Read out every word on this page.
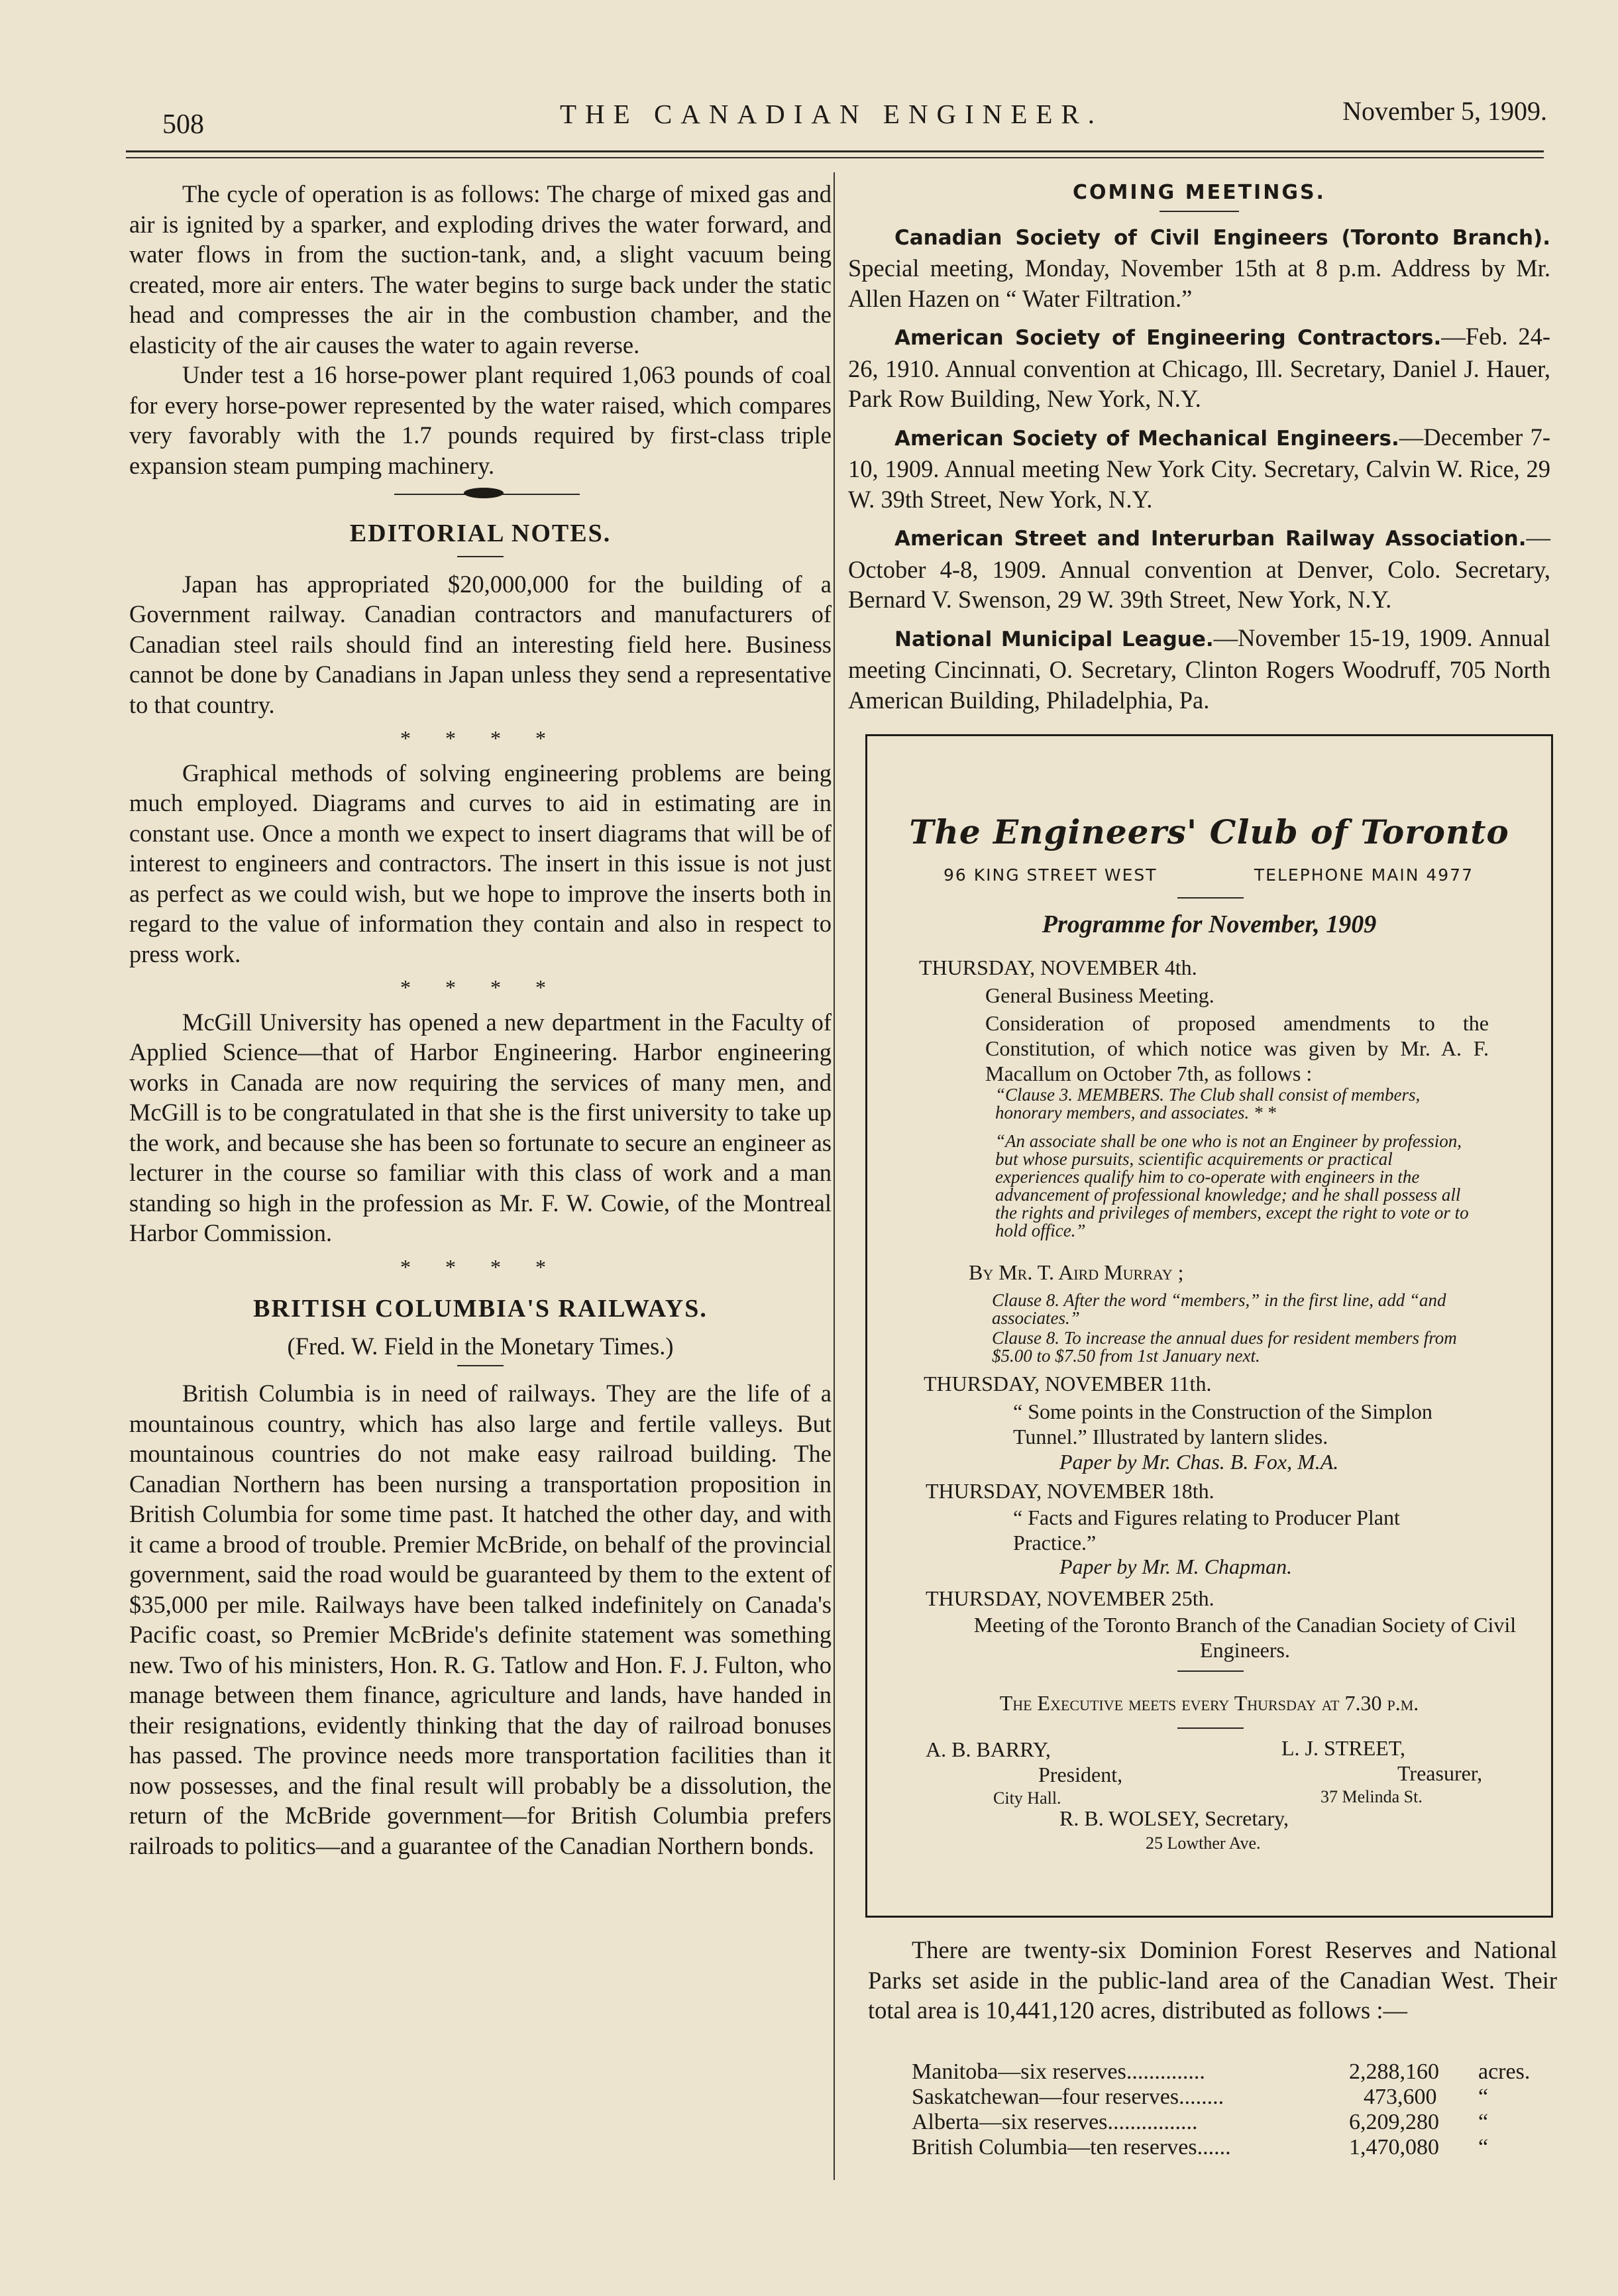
508	THE CANADIAN ENGINEER.	November 5, 1909.

The cycle of operation is as follows: The charge of mixed gas and air is ignited by a sparker, and exploding drives the water forward, and water flows in from the suction-tank, and, a slight vacuum being created, more air enters. The water begins to surge back under the static head and compresses the air in the combustion chamber, and the elasticity of the air causes the water to again reverse.

Under test a 16 horse-power plant required 1,063 pounds of coal for every horse-power represented by the water raised, which compares very favorably with the 1.7 pounds required by first-class triple expansion steam pumping machinery.

EDITORIAL NOTES.

Japan has appropriated $20,000,000 for the building of a Government railway. Canadian contractors and manufacturers of Canadian steel rails should find an interesting field here. Business cannot be done by Canadians in Japan unless they send a representative to that country.

* * * *

Graphical methods of solving engineering problems are being much employed. Diagrams and curves to aid in estimating are in constant use. Once a month we expect to insert diagrams that will be of interest to engineers and contractors. The insert in this issue is not just as perfect as we could wish, but we hope to improve the inserts both in regard to the value of information they contain and also in respect to press work.

* * * *

McGill University has opened a new department in the Faculty of Applied Science—that of Harbor Engineering. Harbor engineering works in Canada are now requiring the services of many men, and McGill is to be congratulated in that she is the first university to take up the work, and because she has been so fortunate to secure an engineer as lecturer in the course so familiar with this class of work and a man standing so high in the profession as Mr. F. W. Cowie, of the Montreal Harbor Commission.

* * * *
BRITISH COLUMBIA'S RAILWAYS.
(Fred. W. Field in the Monetary Times.)

British Columbia is in need of railways. They are the life of a mountainous country, which has also large and fertile valleys. But mountainous countries do not make easy railroad building. The Canadian Northern has been nursing a transportation proposition in British Columbia for some time past. It hatched the other day, and with it came a brood of trouble. Premier McBride, on behalf of the provincial government, said the road would be guaranteed by them to the extent of $35,000 per mile. Railways have been talked indefinitely on Canada's Pacific coast, so Premier McBride's definite statement was something new. Two of his ministers, Hon. R. G. Tatlow and Hon. F. J. Fulton, who manage between them finance, agriculture and lands, have handed in their resignations, evidently thinking that the day of railroad bonuses has passed. The province needs more transportation facilities than it now possesses, and the final result will probably be a dissolution, the return of the McBride government—for British Columbia prefers railroads to politics—and a guarantee of the Canadian Northern bonds.

COMING MEETINGS.

Canadian Society of Civil Engineers (Toronto Branch). Special meeting, Monday, November 15th at 8 p.m. Address by Mr. Allen Hazen on “ Water Filtration.”

American Society of Engineering Contractors.—Feb. 24-26, 1910. Annual convention at Chicago, Ill. Secretary, Daniel J. Hauer, Park Row Building, New York, N.Y.

American Society of Mechanical Engineers.—December 7-10, 1909. Annual meeting New York City. Secretary, Calvin W. Rice, 29 W. 39th Street, New York, N.Y.

American Street and Interurban Railway Association.—October 4-8, 1909. Annual convention at Denver, Colo. Secretary, Bernard V. Swenson, 29 W. 39th Street, New York, N.Y.

National Municipal League.—November 15-19, 1909. Annual meeting Cincinnati, O. Secretary, Clinton Rogers Woodruff, 705 North American Building, Philadelphia, Pa.

The Engineers' Club of Toronto
96 KING STREET WEST	TELEPHONE MAIN 4977
Programme for November, 1909
THURSDAY, NOVEMBER 4th.
General Business Meeting.
Consideration of proposed amendments to the Constitution, of which notice was given by Mr. A. F. Macallum on October 7th, as follows :
“Clause 3. MEMBERS. The Club shall consist of members, honorary members, and associates. * *
“An associate shall be one who is not an Engineer by profession, but whose pursuits, scientific acquirements or practical experiences qualify him to co-operate with engineers in the advancement of professional knowledge; and he shall possess all the rights and privileges of members, except the right to vote or to hold office.”
By Mr. T. Aird Murray ;
Clause 8. After the word “members,” in the first line, add “and associates.”
Clause 8. To increase the annual dues for resident members from $5.00 to $7.50 from 1st January next.
THURSDAY, NOVEMBER 11th.
“ Some points in the Construction of the Simplon Tunnel.” Illustrated by lantern slides.
Paper by Mr. Chas. B. Fox, M.A.
THURSDAY, NOVEMBER 18th.
“ Facts and Figures relating to Producer Plant Practice.”
Paper by Mr. M. Chapman.
THURSDAY, NOVEMBER 25th.
Meeting of the Toronto Branch of the Canadian Society of Civil Engineers.
The Executive meets every Thursday at 7.30 p.m.
A. B. BARRY,
President,
City Hall.
L. J. STREET,
Treasurer,
37 Melinda St.
R. B. WOLSEY, Secretary,
25 Lowther Ave.

There are twenty-six Dominion Forest Reserves and National Parks set aside in the public-land area of the Canadian West. Their total area is 10,441,120 acres, distributed as follows :—

Manitoba—six reserves..............	2,288,160 acres.
Saskatchewan—four reserves........	473,600 “
Alberta—six reserves................	6,209,280 “
British Columbia—ten reserves......	1,470,080 “
